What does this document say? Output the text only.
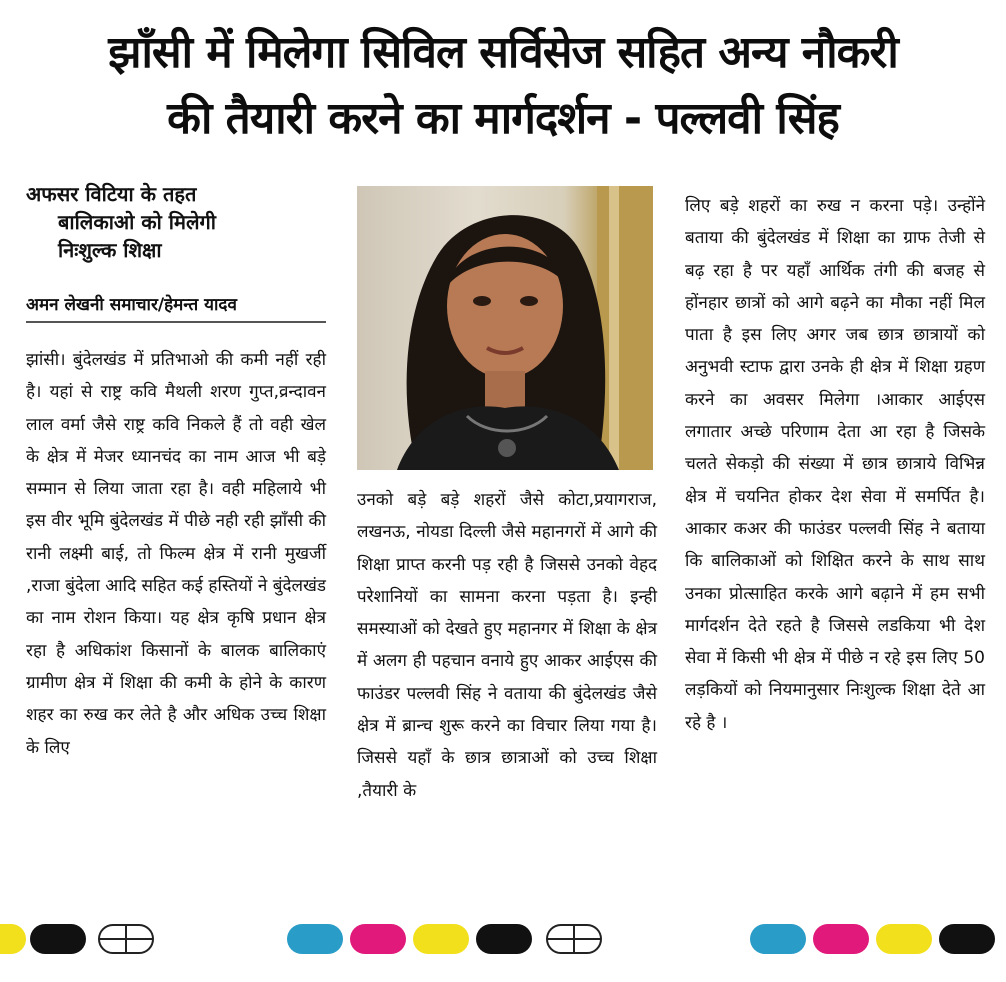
झाँसी में मिलेगा सिविल सर्विसेज सहित अन्य नौकरी
की तैयारी करने का मार्गदर्शन - पल्लवी सिंह
अफसर विटिया के तहत
बालिकाओ को मिलेगी
निःशुल्क शिक्षा
अमन लेखनी समाचार/हेमन्त यादव
झांसी। बुंदेलखंड में प्रतिभाओ की कमी नहीं रही है। यहां से राष्ट्र कवि मैथली शरण गुप्त,व्रन्दावन लाल वर्मा जैसे राष्ट्र कवि निकले हैं तो वही खेल के क्षेत्र में मेजर ध्यानचंद का नाम आज भी बड़े सम्मान से लिया जाता रहा है। वही महिलाये भी इस वीर भूमि बुंदेलखंड में पीछे नही रही झाँसी की रानी लक्ष्मी बाई, तो फिल्म क्षेत्र में रानी मुखर्जी ,राजा बुंदेला आदि सहित कई हस्तियों ने बुंदेलखंड का नाम रोशन किया। यह क्षेत्र कृषि प्रधान क्षेत्र रहा है अधिकांश किसानों के बालक बालिकाएं ग्रामीण क्षेत्र में शिक्षा की कमी के होने के कारण शहर का रुख कर लेते है और अधिक उच्च शिक्षा के लिए
उनको बड़े बड़े शहरों जैसे कोटा,प्रयागराज, लखनऊ, नोयडा दिल्ली जैसे महानगरों में आगे की शिक्षा प्राप्त करनी पड़ रही है जिससे उनको वेहद परेशानियों का सामना करना पड़ता है। इन्ही समस्याओं को देखते हुए महानगर में शिक्षा के क्षेत्र में अलग ही पहचान वनाये हुए आकर आईएस की फाउंडर पल्लवी सिंह ने वताया की बुंदेलखंड जैसे क्षेत्र में ब्रान्च शुरू करने का विचार लिया गया है।जिससे यहाँ के छात्र छात्राओं को उच्च शिक्षा ,तैयारी के
लिए बड़े शहरों का रुख न करना पड़े। उन्होंने बताया की बुंदेलखंड में शिक्षा का ग्राफ तेजी से बढ़ रहा है पर यहाँ आर्थिक तंगी की बजह से होंनहार छात्रों को आगे बढ़ने का मौका नहीं मिल पाता है इस लिए अगर जब छात्र छात्रायों को अनुभवी स्टाफ द्वारा उनके ही क्षेत्र में शिक्षा ग्रहण करने का अवसर मिलेगा ।आकार आईएस लगातार अच्छे परिणाम देता आ रहा है जिसके चलते सेकड़ो की संख्या में छात्र छात्राये विभिन्न क्षेत्र में चयनित होकर देश सेवा में समर्पित है।आकार कअर की फाउंडर पल्लवी सिंह ने बताया कि बालिकाओं को शिक्षित करने के साथ साथ उनका प्रोत्साहित करके आगे बढ़ाने में हम सभी मार्गदर्शन देते रहते है जिससे लडकिया भी देश सेवा में किसी भी क्षेत्र में पीछे न रहे इस लिए 50 लड़कियों को नियमानुसार निःशुल्क शिक्षा देते आ रहे है ।
